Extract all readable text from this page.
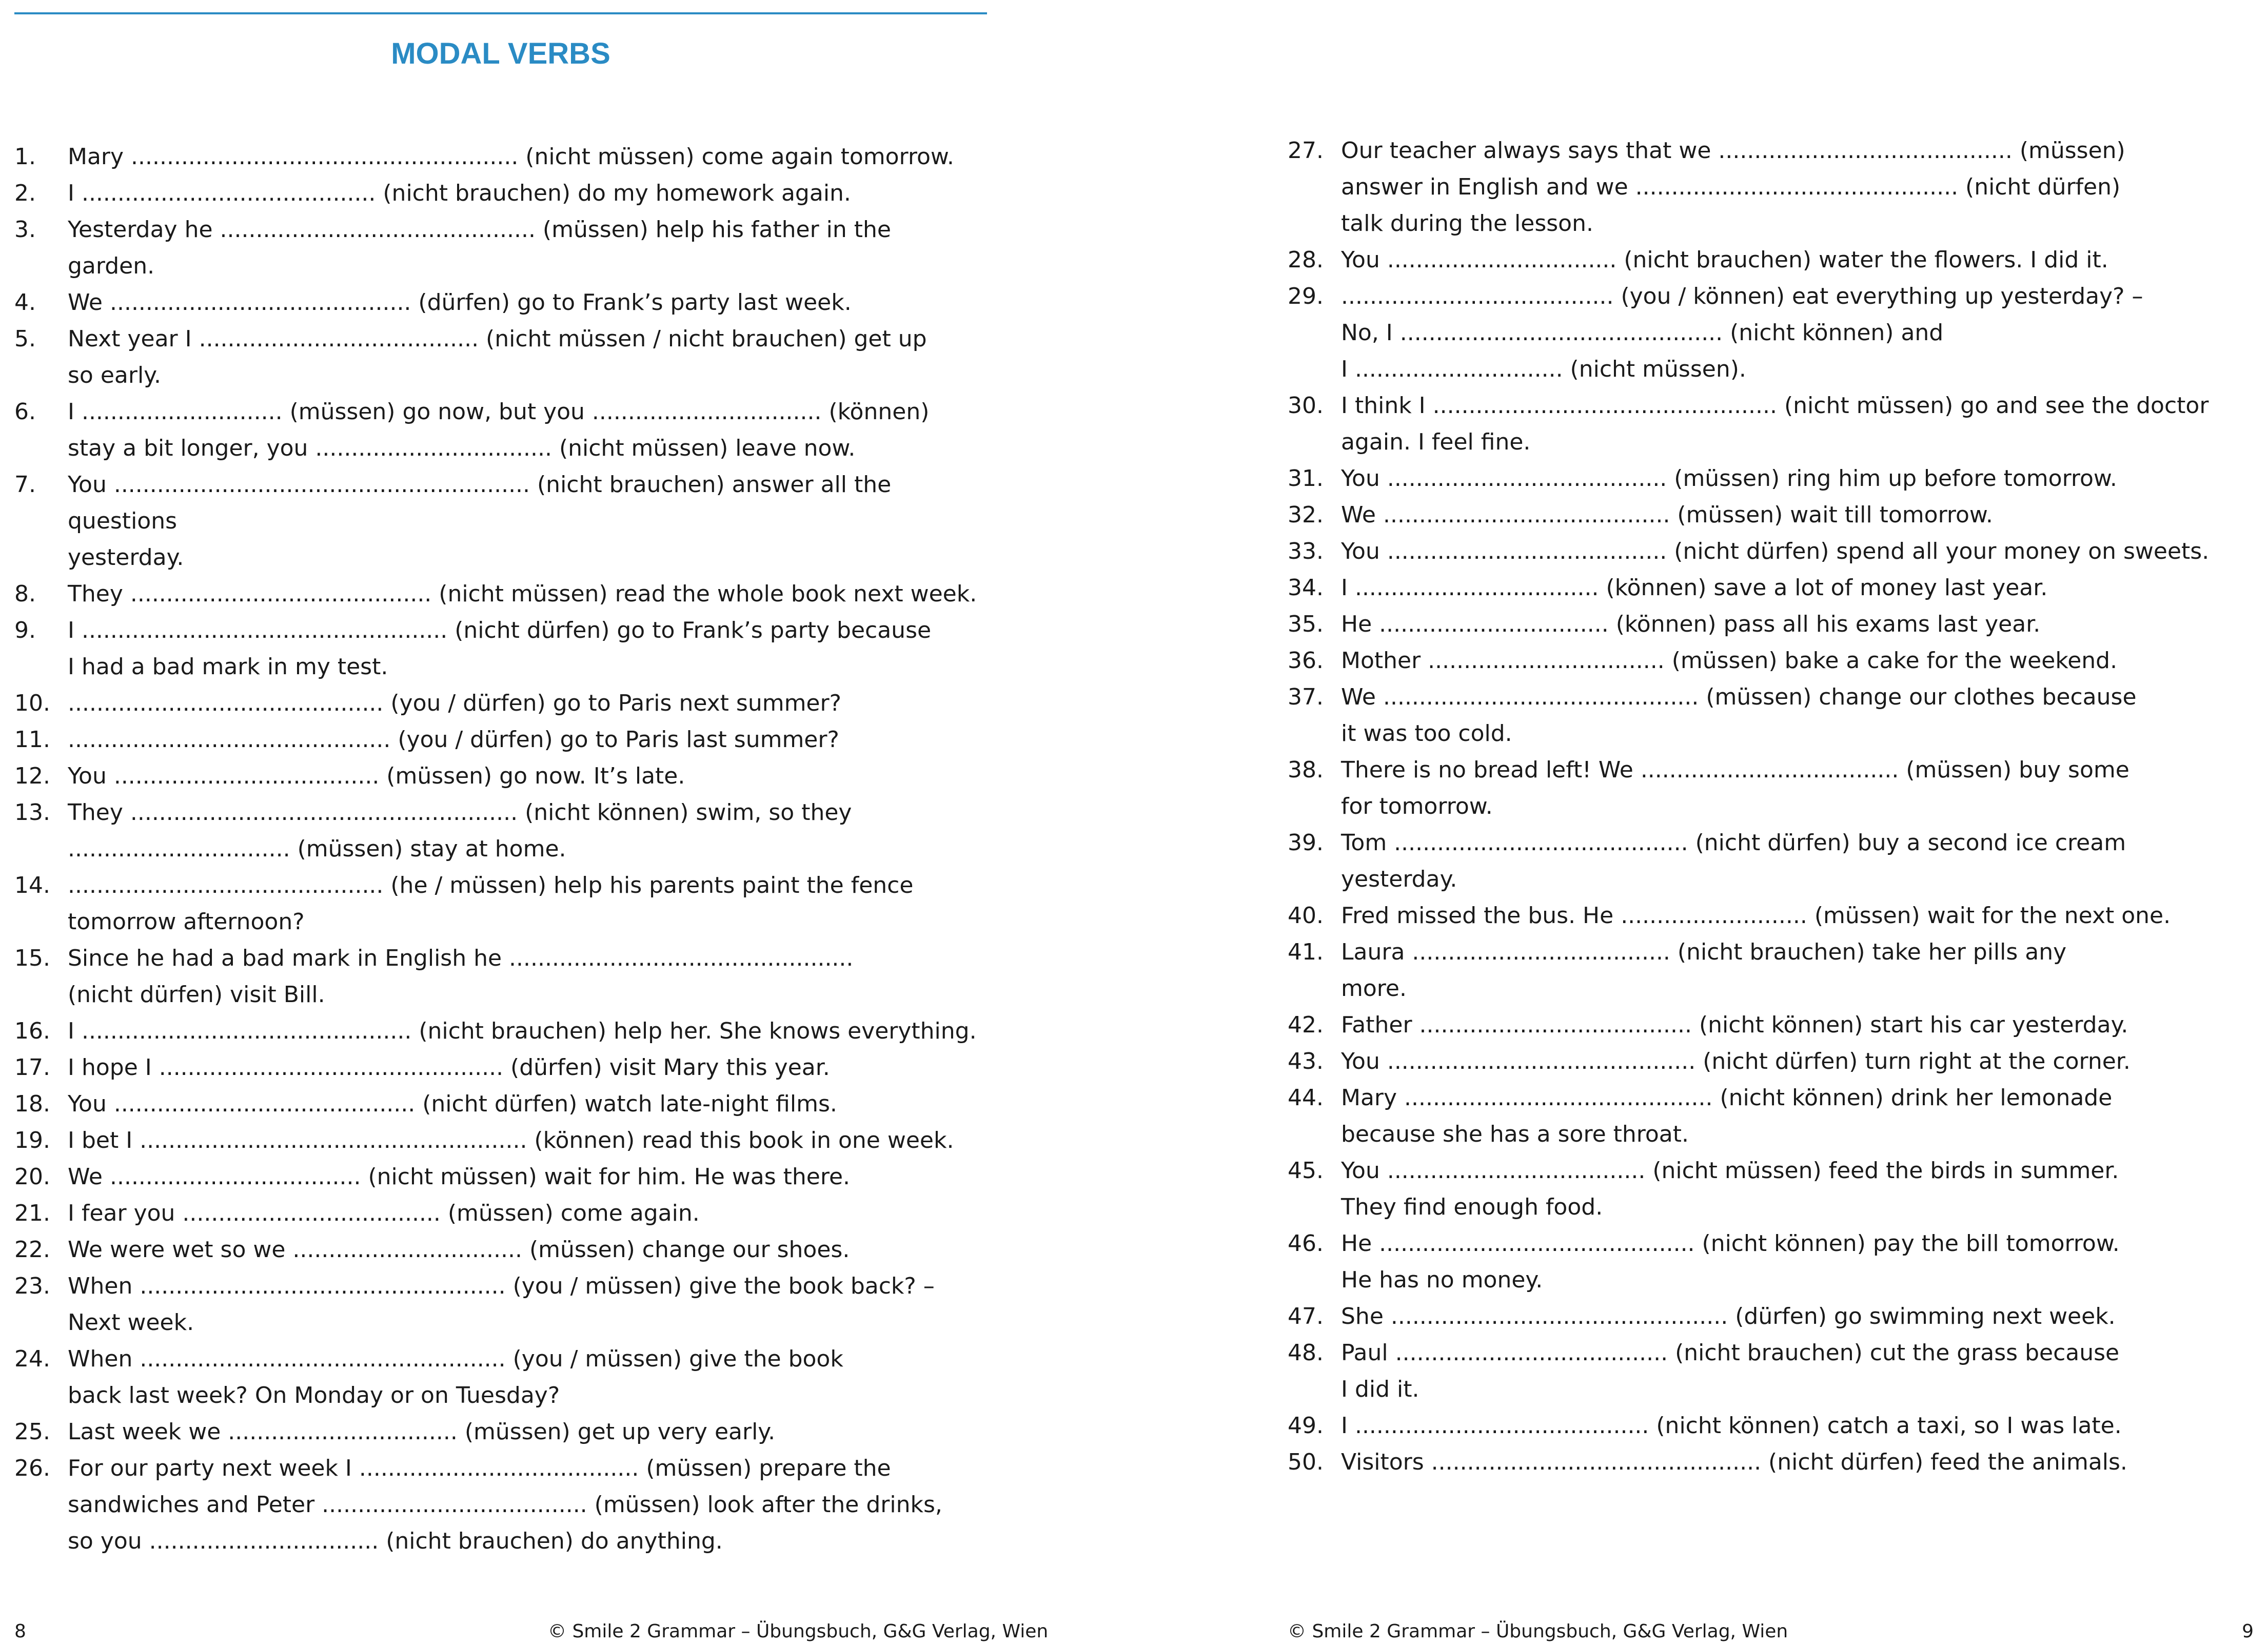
MODAL VERBS
1.	Mary ...................................................... (nicht müssen) come again tomorrow.
2.	I ......................................... (nicht brauchen) do my homework again.
3.	Yesterday he ............................................ (müssen) help his father in the garden.
4.	We .......................................... (dürfen) go to Frank’s party last week.
5.	Next year I ....................................... (nicht müssen / nicht brauchen) get up
so early.
6.	I ............................ (müssen) go now, but you ................................ (können)
stay a bit longer, you ................................. (nicht müssen) leave now.
7.	You .......................................................... (nicht brauchen) answer all the questions
yesterday.
8.	They .......................................... (nicht müssen) read the whole book next week.
9.	I ................................................... (nicht dürfen) go to Frank’s party because
I had a bad mark in my test.
10. ............................................ (you / dürfen) go to Paris next summer?
11. ............................................. (you / dürfen) go to Paris last summer?
12. You ..................................... (müssen) go now. It’s late.
13. They ...................................................... (nicht können) swim, so they
............................... (müssen) stay at home.
14. ............................................ (he / müssen) help his parents paint the fence
tomorrow afternoon?
15. Since he had a bad mark in English he ................................................
(nicht dürfen) visit Bill.
16. I .............................................. (nicht brauchen) help her. She knows everything.
17. I hope I ................................................ (dürfen) visit Mary this year.
18. You .......................................... (nicht dürfen) watch late-night films.
19. I bet I ...................................................... (können) read this book in one week.
20. We ................................... (nicht müssen) wait for him. He was there.
21. I fear you .................................... (müssen) come again.
22. We were wet so we ................................ (müssen) change our shoes.
23. When ................................................... (you / müssen) give the book back? –
Next week.
24. When ................................................... (you / müssen) give the book
back last week? On Monday or on Tuesday?
25. Last week we ................................ (müssen) get up very early.
26. For our party next week I ....................................... (müssen) prepare the
sandwiches and Peter ..................................... (müssen) look after the drinks,
so you ................................ (nicht brauchen) do anything.
27. Our teacher always says that we ......................................... (müssen)
answer in English and we ............................................. (nicht dürfen)
talk during the lesson.
28. You ................................ (nicht brauchen) water the flowers. I did it.
29. ...................................... (you / können) eat everything up yesterday? –
No, I ............................................. (nicht können) and
I ............................. (nicht müssen).
30. I think I ................................................ (nicht müssen) go and see the doctor
again. I feel fine.
31. You ....................................... (müssen) ring him up before tomorrow.
32. We ........................................ (müssen) wait till tomorrow.
33. You ....................................... (nicht dürfen) spend all your money on sweets.
34. I .................................. (können) save a lot of money last year.
35. He ................................ (können) pass all his exams last year.
36. Mother ................................. (müssen) bake a cake for the weekend.
37. We ............................................ (müssen) change our clothes because
it was too cold.
38. There is no bread left! We .................................... (müssen) buy some
for tomorrow.
39. Tom ......................................... (nicht dürfen) buy a second ice cream
yesterday.
40. Fred missed the bus. He .......................... (müssen) wait for the next one.
41. Laura .................................... (nicht brauchen) take her pills any
more.
42. Father ...................................... (nicht können) start his car yesterday.
43. You ........................................... (nicht dürfen) turn right at the corner.
44. Mary ........................................... (nicht können) drink her lemonade
because she has a sore throat.
45. You .................................... (nicht müssen) feed the birds in summer.
They find enough food.
46. He ............................................ (nicht können) pay the bill tomorrow.
He has no money.
47. She ............................................... (dürfen) go swimming next week.
48. Paul ...................................... (nicht brauchen) cut the grass because
I did it.
49. I ......................................... (nicht können) catch a taxi, so I was late.
50. Visitors .............................................. (nicht dürfen) feed the animals.
8	© Smile 2 Grammar – Übungsbuch, G&G Verlag, Wien	© Smile 2 Grammar – Übungsbuch, G&G Verlag, Wien	9
